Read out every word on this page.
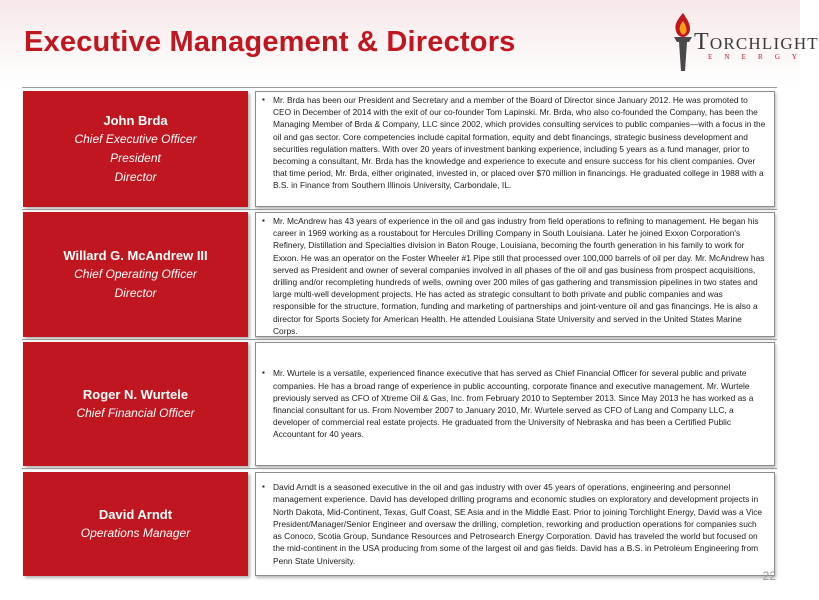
Executive Management & Directors	TORCHLIGHT
E N E R G Y
John Brda
Chief Executive Officer
President
Director

▪ Mr. Brda has been our President and Secretary and a member of the Board of Director since January 2012. He was promoted to CEO in December of 2014 with the exit of our co-founder Tom Lapinski. Mr. Brda, who also co-founded the Company, has been the Managing Member of Brda & Company, LLC since 2002, which provides consulting services to public companies—with a focus in the oil and gas sector. Core competencies include capital formation, equity and debt financings, strategic business development and securities regulation matters. With over 20 years of investment banking experience, including 5 years as a fund manager, prior to becoming a consultant, Mr. Brda has the knowledge and experience to execute and ensure success for his client companies. Over that time period, Mr. Brda, either originated, invested in, or placed over $70 million in financings. He graduated college in 1988 with a B.S. in Finance from Southern Illinois University, Carbondale, IL.

Willard G. McAndrew III
Chief Operating Officer
Director

▪ Mr. McAndrew has 43 years of experience in the oil and gas industry from field operations to refining to management. He began his career in 1969 working as a roustabout for Hercules Drilling Company in South Louisiana. Later he joined Exxon Corporation's Refinery, Distillation and Specialties division in Baton Rouge, Louisiana, becoming the fourth generation in his family to work for Exxon. He was an operator on the Foster Wheeler #1 Pipe still that processed over 100,000 barrels of oil per day. Mr. McAndrew has served as President and owner of several companies involved in all phases of the oil and gas business from prospect acquisitions, drilling and/or recompleting hundreds of wells, owning over 200 miles of gas gathering and transmission pipelines in two states and large multi-well development projects. He has acted as strategic consultant to both private and public companies and was responsible for the structure, formation, funding and marketing of partnerships and joint-venture oil and gas financings. He is also a director for Sports Society for American Health. He attended Louisiana State University and served in the United States Marine Corps.

Roger N. Wurtele
Chief Financial Officer

▪ Mr. Wurtele is a versatile, experienced finance executive that has served as Chief Financial Officer for several public and private companies. He has a broad range of experience in public accounting, corporate finance and executive management. Mr. Wurtele previously served as CFO of Xtreme Oil & Gas, Inc. from February 2010 to September 2013. Since May 2013 he has worked as a financial consultant for us. From November 2007 to January 2010, Mr. Wurtele served as CFO of Lang and Company LLC, a developer of commercial real estate projects. He graduated from the University of Nebraska and has been a Certified Public Accountant for 40 years.

David Arndt
Operations Manager

▪ David Arndt is a seasoned executive in the oil and gas industry with over 45 years of operations, engineering and personnel management experience. David has developed drilling programs and economic studies on exploratory and development projects in North Dakota, Mid-Continent, Texas, Gulf Coast, SE Asia and in the Middle East. Prior to joining Torchlight Energy, David was a Vice President/Manager/Senior Engineer and oversaw the drilling, completion, reworking and production operations for companies such as Conoco, Scotia Group, Sundance Resources and Petrosearch Energy Corporation. David has traveled the world but focused on the mid-continent in the USA producing from some of the largest oil and gas fields. David has a B.S. in Petroleum Engineering from Penn State University.

22
